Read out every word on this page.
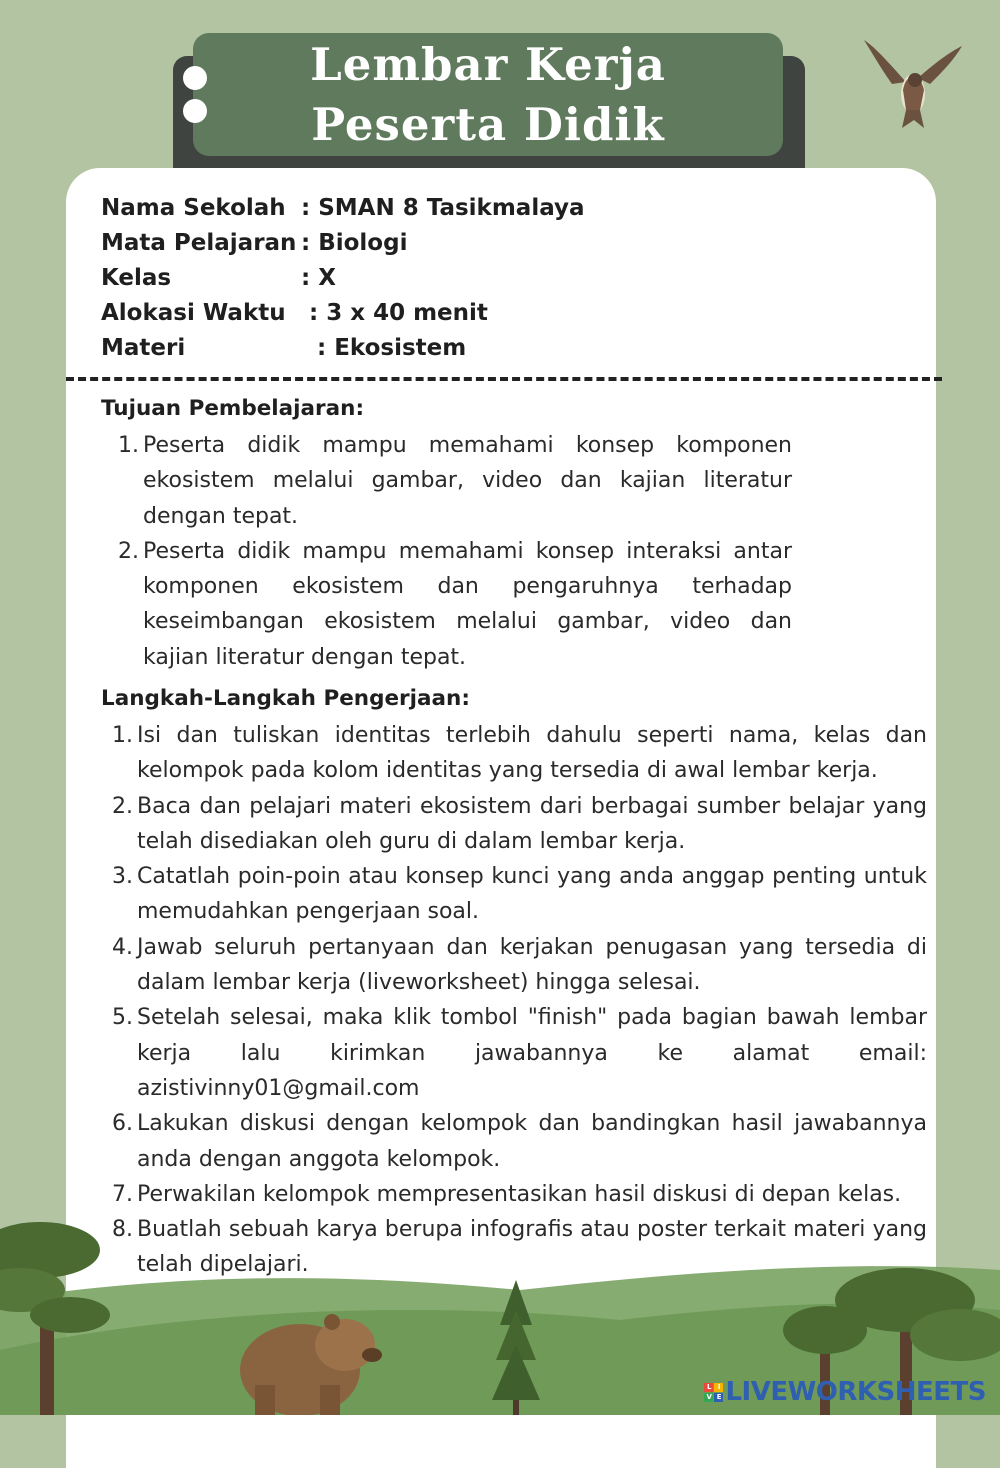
Lembar Kerja
Peserta Didik
Nama Sekolah : SMAN 8 Tasikmalaya
Mata Pelajaran : Biologi
Kelas	: X
Alokasi Waktu : 3 x 40 menit
Materi	: Ekosistem
Tujuan Pembelajaran:
1. Peserta didik mampu memahami konsep komponen ekosistem melalui gambar, video dan kajian literatur dengan tepat.
2. Peserta didik mampu memahami konsep interaksi antar komponen ekosistem dan pengaruhnya terhadap keseimbangan ekosistem melalui gambar, video dan kajian literatur dengan tepat.
Langkah-Langkah Pengerjaan:
1. Isi dan tuliskan identitas terlebih dahulu seperti nama, kelas dan kelompok pada kolom identitas yang tersedia di awal lembar kerja.
2. Baca dan pelajari materi ekosistem dari berbagai sumber belajar yang telah disediakan oleh guru di dalam lembar kerja.
3. Catatlah poin-poin atau konsep kunci yang anda anggap penting untuk memudahkan pengerjaan soal.
4. Jawab seluruh pertanyaan dan kerjakan penugasan yang tersedia di dalam lembar kerja (liveworksheet) hingga selesai.
5. Setelah selesai, maka klik tombol "finish" pada bagian bawah lembar kerja lalu kirimkan jawabannya ke alamat email: azistivinny01@gmail.com
6. Lakukan diskusi dengan kelompok dan bandingkan hasil jawabannya anda dengan anggota kelompok.
7. Perwakilan kelompok mempresentasikan hasil diskusi di depan kelas.
8. Buatlah sebuah karya berupa infografis atau poster terkait materi yang telah dipelajari.
L I
V E LIVEWORKSHEETS
